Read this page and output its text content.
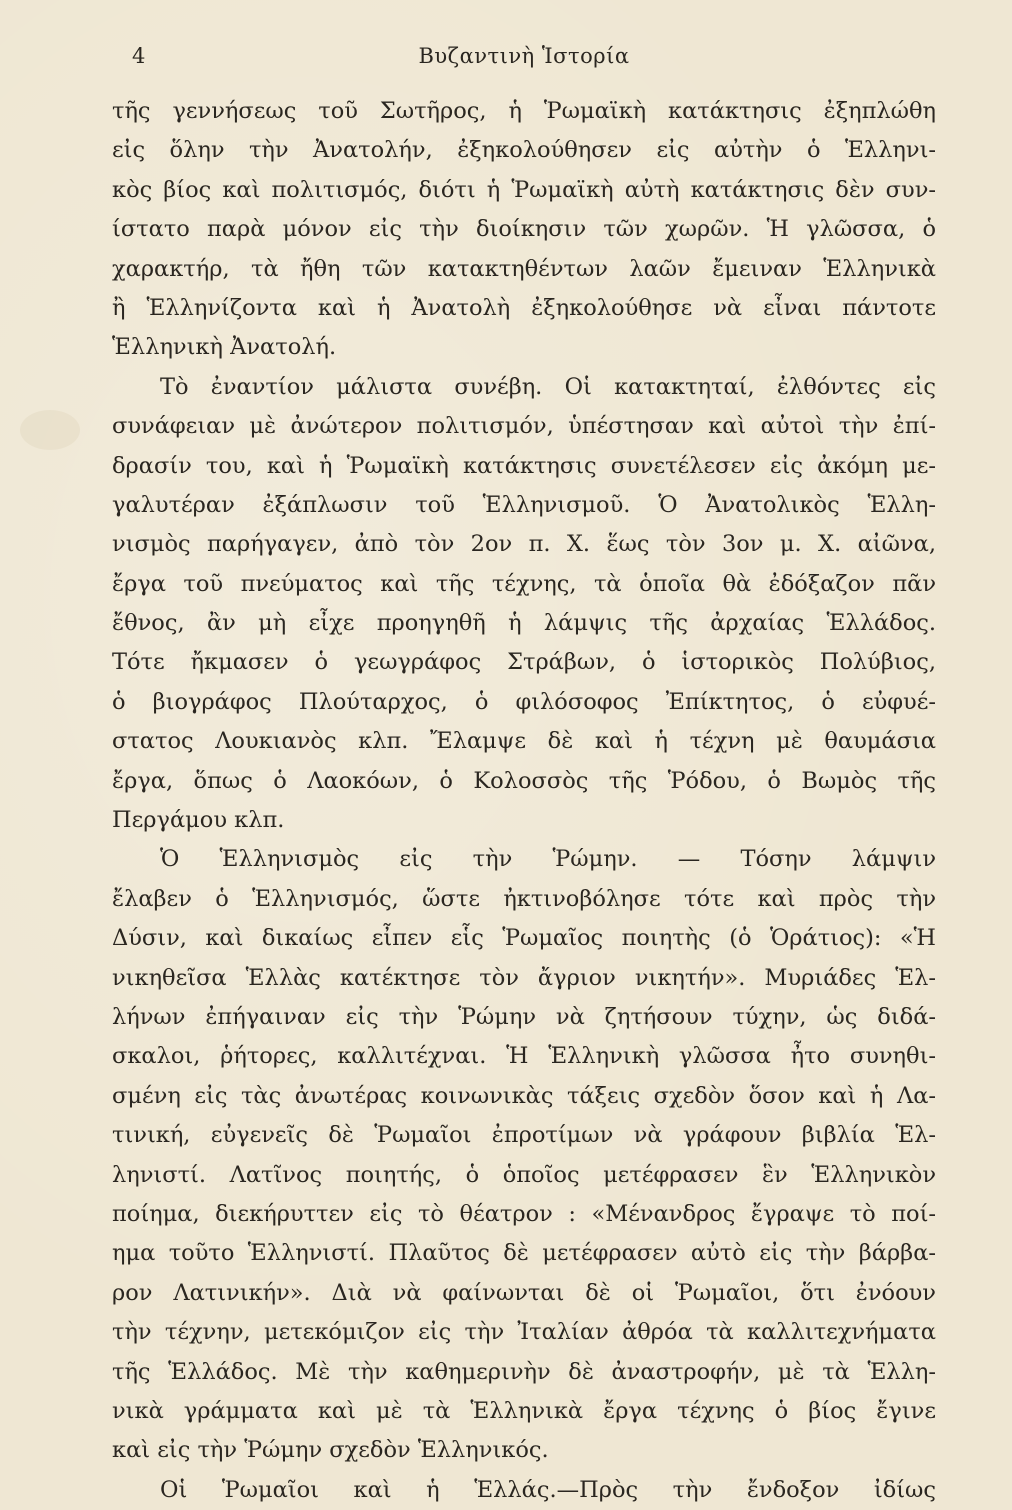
4	Βυζαντινὴ Ἱστορία
τῆς γεννήσεως τοῦ Σωτῆρος, ἡ Ῥωμαϊκὴ κατάκτησις ἐξηπλώθη
εἰς ὅλην τὴν Ἀνατολήν, ἐξηκολούθησεν εἰς αὐτὴν ὁ Ἑλληνι-
κὸς βίος καὶ πολιτισμός, διότι ἡ Ῥωμαϊκὴ αὐτὴ κατάκτησις δὲν συν-
ίστατο παρὰ μόνον εἰς τὴν διοίκησιν τῶν χωρῶν. Ἡ γλῶσσα, ὁ
χαρακτήρ, τὰ ἤθη τῶν κατακτηθέντων λαῶν ἔμειναν Ἑλληνικὰ
ἢ Ἑλληνίζοντα καὶ ἡ Ἀνατολὴ ἐξηκολούθησε νὰ εἶναι πάντοτε
Ἑλληνικὴ Ἀνατολή.
Τὸ ἐναντίον μάλιστα συνέβη. Οἱ κατακτηταί, ἐλθόντες εἰς
συνάφειαν μὲ ἀνώτερον πολιτισμόν, ὑπέστησαν καὶ αὐτοὶ τὴν ἐπί-
δρασίν του, καὶ ἡ Ῥωμαϊκὴ κατάκτησις συνετέλεσεν εἰς ἀκόμη με-
γαλυτέραν ἐξάπλωσιν τοῦ Ἑλληνισμοῦ. Ὁ Ἀνατολικὸς Ἑλλη-
νισμὸς παρήγαγεν, ἀπὸ τὸν 2ον π. Χ. ἕως τὸν 3ον μ. Χ. αἰῶνα,
ἔργα τοῦ πνεύματος καὶ τῆς τέχνης, τὰ ὁποῖα θὰ ἐδόξαζον πᾶν
ἔθνος, ἂν μὴ εἶχε προηγηθῆ ἡ λάμψις τῆς ἀρχαίας Ἑλλάδος.
Τότε ἤκμασεν ὁ γεωγράφος Στράβων, ὁ ἱστορικὸς Πολύβιος,
ὁ βιογράφος Πλούταρχος, ὁ φιλόσοφος Ἐπίκτητος, ὁ εὐφυέ-
στατος Λουκιανὸς κλπ. Ἔλαμψε δὲ καὶ ἡ τέχνη μὲ θαυμάσια
ἔργα, ὅπως ὁ Λαοκόων, ὁ Κολοσσὸς τῆς Ῥόδου, ὁ Βωμὸς τῆς
Περγάμου κλπ.
Ὁ Ἑλληνισμὸς εἰς τὴν Ῥώμην. — Τόσην λάμψιν
ἔλαβεν ὁ Ἑλληνισμός, ὥστε ἠκτινοβόλησε τότε καὶ πρὸς τὴν
Δύσιν, καὶ δικαίως εἶπεν εἷς Ῥωμαῖος ποιητὴς (ὁ Ὁράτιος): «Ἡ
νικηθεῖσα Ἑλλὰς κατέκτησε τὸν ἄγριον νικητήν». Μυριάδες Ἑλ-
λήνων ἐπήγαιναν εἰς τὴν Ῥώμην νὰ ζητήσουν τύχην, ὡς διδά-
σκαλοι, ῥήτορες, καλλιτέχναι. Ἡ Ἑλληνικὴ γλῶσσα ἦτο συνηθι-
σμένη εἰς τὰς ἀνωτέρας κοινωνικὰς τάξεις σχεδὸν ὅσον καὶ ἡ Λα-
τινική, εὐγενεῖς δὲ Ῥωμαῖοι ἐπροτίμων νὰ γράφουν βιβλία Ἑλ-
ληνιστί. Λατῖνος ποιητής, ὁ ὁποῖος μετέφρασεν ἓν Ἑλληνικὸν
ποίημα, διεκήρυττεν εἰς τὸ θέατρον : «Μένανδρος ἔγραψε τὸ ποί-
ημα τοῦτο Ἑλληνιστί. Πλαῦτος δὲ μετέφρασεν αὐτὸ εἰς τὴν βάρβα-
ρον Λατινικήν». Διὰ νὰ φαίνωνται δὲ οἱ Ῥωμαῖοι, ὅτι ἐνόουν
τὴν τέχνην, μετεκόμιζον εἰς τὴν Ἰταλίαν ἀθρόα τὰ καλλιτεχνήματα
τῆς Ἑλλάδος. Μὲ τὴν καθημερινὴν δὲ ἀναστροφήν, μὲ τὰ Ἑλλη-
νικὰ γράμματα καὶ μὲ τὰ Ἑλληνικὰ ἔργα τέχνης ὁ βίος ἔγινε
καὶ εἰς τὴν Ῥώμην σχεδὸν Ἑλληνικός.
Οἱ Ῥωμαῖοι καὶ ἡ Ἑλλάς.—Πρὸς τὴν ἔνδοξον ἰδίως
